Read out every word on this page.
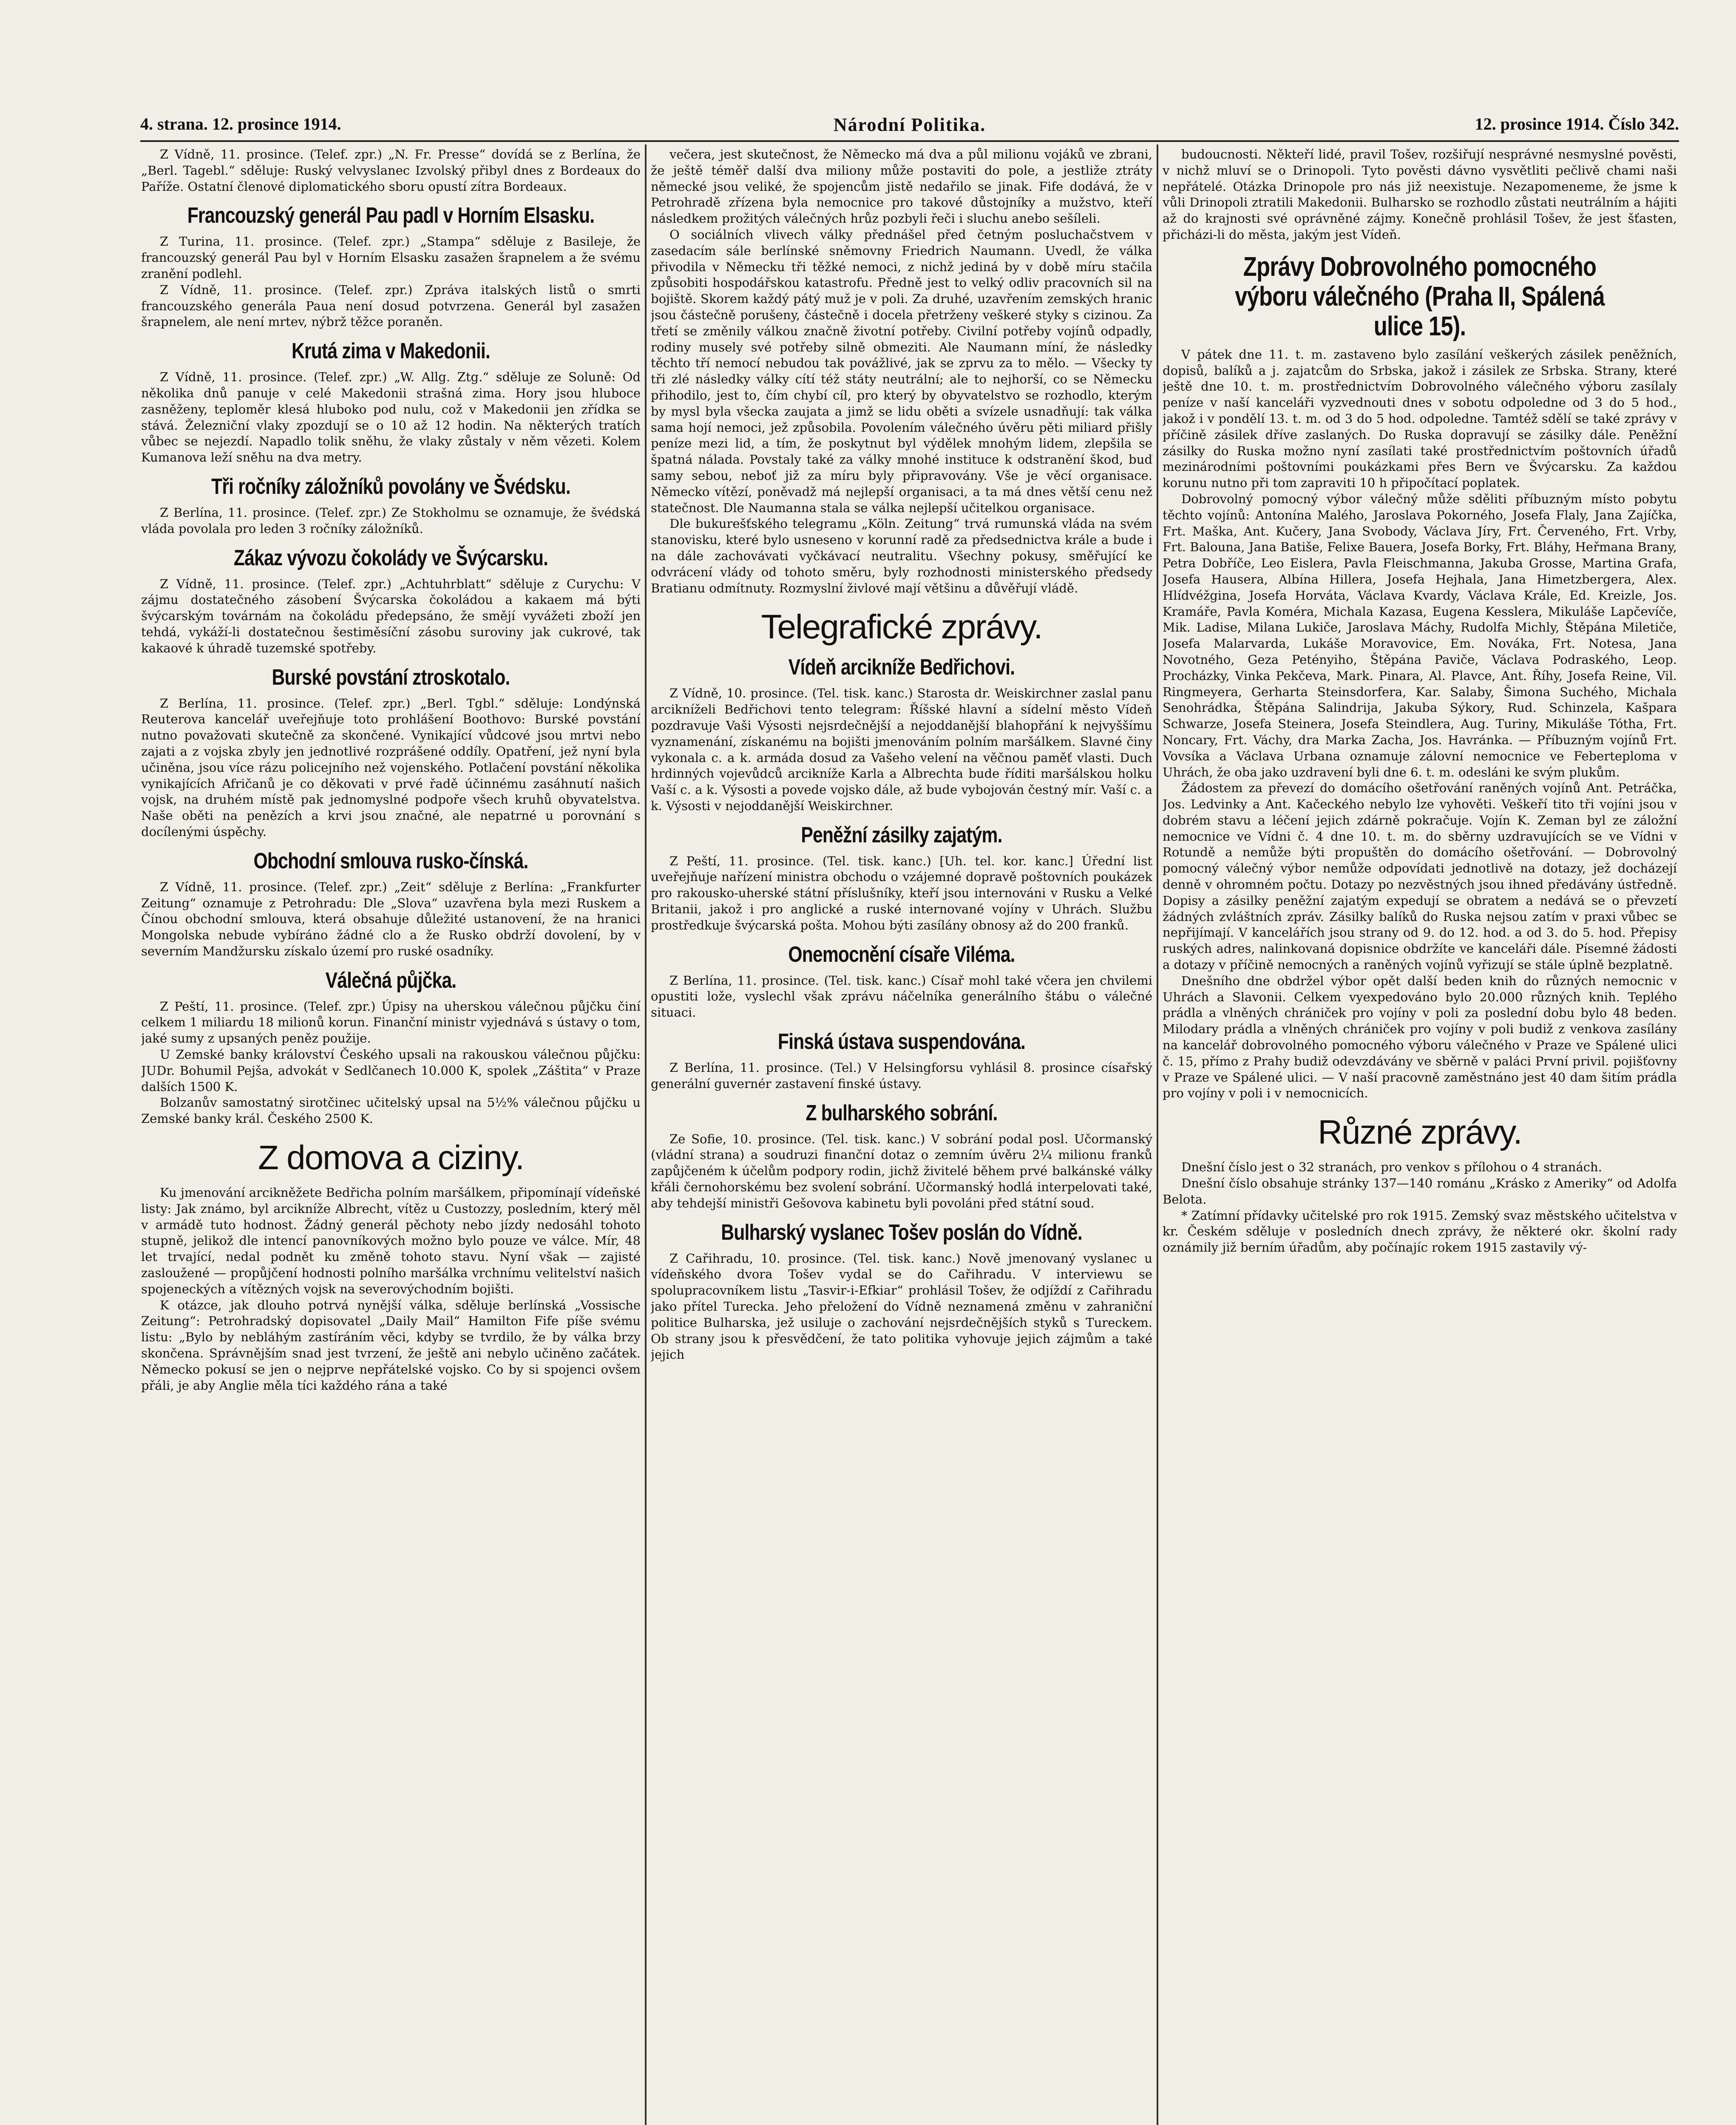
4. strana. 12. prosince 1914.	Národní Politika.	12. prosince 1914. Číslo 342.

Z Vídně, 11. prosince. (Telef. zpr.) „N. Fr. Presse“ dovídá se z Berlína, že „Berl. Tagebl.“ sděluje: Ruský velvyslanec Izvolský přibyl dnes z Bordeaux do Paříže. Ostatní členové diplomatického sboru opustí zítra Bordeaux.

Francouzský generál Pau padl v Horním Elsasku.

Z Turina, 11. prosince. (Telef. zpr.) „Stampa“ sděluje z Basileje, že francouzský generál Pau byl v Horním Elsasku zasažen šrapnelem a že svému zranění podlehl.

Z Vídně, 11. prosince. (Telef. zpr.) Zpráva italských listů o smrti francouzského generála Paua není dosud potvrzena. Generál byl zasažen šrapnelem, ale není mrtev, nýbrž těžce poraněn.

Krutá zima v Makedonii.

Z Vídně, 11. prosince. (Telef. zpr.) „W. Allg. Ztg.“ sděluje ze Soluně: Od několika dnů panuje v celé Makedonii strašná zima. Hory jsou hluboce zasněženy, teploměr klesá hluboko pod nulu, což v Makedonii jen zřídka se stává. Železniční vlaky zpozdují se o 10 až 12 hodin. Na některých tratích vůbec se nejezdí. Napadlo tolik sněhu, že vlaky zůstaly v něm vězeti. Kolem Kumanova leží sněhu na dva metry.

Tři ročníky záložníků povolány ve Švédsku.

Z Berlína, 11. prosince. (Telef. zpr.) Ze Stokholmu se oznamuje, že švédská vláda povolala pro leden 3 ročníky záložníků.

Zákaz vývozu čokolády ve Švýcarsku.

Z Vídně, 11. prosince. (Telef. zpr.) „Achtuhrblatt“ sděluje z Curychu: V zájmu dostatečného zásobení Švýcarska čokoládou a kakaem má býti švýcarským továrnám na čokoládu předepsáno, že smějí vyvážeti zboží jen tehdá, vykáží-li dostatečnou šestiměsíční zásobu suroviny jak cukrové, tak kakaové k úhradě tuzemské spotřeby.

Burské povstání ztroskotalo.

Z Berlína, 11. prosince. (Telef. zpr.) „Berl. Tgbl.“ sděluje: Londýnská Reuterova kancelář uveřejňuje toto prohlášení Boothovo: Burské povstání nutno považovati skutečně za skončené. Vynikající vůdcové jsou mrtvi nebo zajati a z vojska zbyly jen jednotlivé rozprášené oddíly. Opatření, jež nyní byla učiněna, jsou více rázu policejního než vojenského. Potlačení povstání několika vynikajících Afričanů je co děkovati v prvé řadě účinnému zasáhnutí našich vojsk, na druhém místě pak jednomyslné podpoře všech kruhů obyvatelstva. Naše oběti na penězích a krvi jsou značné, ale nepatrné u porovnání s docílenými úspěchy.

Obchodní smlouva rusko-čínská.

Z Vídně, 11. prosince. (Telef. zpr.) „Zeit“ sděluje z Berlína: „Frankfurter Zeitung“ oznamuje z Petrohradu: Dle „Slova“ uzavřena byla mezi Ruskem a Čínou obchodní smlouva, která obsahuje důležité ustanovení, že na hranici Mongolska nebude vybíráno žádné clo a že Rusko obdrží dovolení, by v severním Mandžursku získalo území pro ruské osadníky.

Válečná půjčka.

Z Peští, 11. prosince. (Telef. zpr.) Úpisy na uherskou válečnou půjčku činí celkem 1 miliardu 18 milionů korun. Finanční ministr vyjednává s ústavy o tom, jaké sumy z upsaných peněz použije.

U Zemské banky království Českého upsali na rakouskou válečnou půjčku: JUDr. Bohumil Pejša, advokát v Sedlčanech 10.000 K, spolek „Záštita“ v Praze dalších 1500 K.

Bolzanův samostatný sirotčinec učitelský upsal na 5½% válečnou půjčku u Zemské banky král. Českého 2500 K.

Z domova a ciziny.

Ku jmenování arcikněžete Bedřicha polním maršálkem, připomínají vídeňské listy: Jak známo, byl arcikníže Albrecht, vítěz u Custozzy, posledním, který měl v armádě tuto hodnost. Žádný generál pěchoty nebo jízdy nedosáhl tohoto stupně, jelikož dle intencí panovníkových možno bylo pouze ve válce. Mír, 48 let trvající, nedal podnět ku změně tohoto stavu. Nyní však — zajisté zasloužené — propůjčení hodnosti polního maršálka vrchnímu velitelství našich spojeneckých a vítězných vojsk na severovýchodním bojišti.

K otázce, jak dlouho potrvá nynější válka, sděluje berlínská „Vossische Zeitung“: Petrohradský dopisovatel „Daily Mail“ Hamilton Fife píše svému listu: „Bylo by nebláhým zastíráním věci, kdyby se tvrdilo, že by válka brzy skončena. Správnějším snad jest tvrzení, že ještě ani nebylo učiněno začátek. Německo pokusí se jen o nejprve nepřátelské vojsko. Co by si spojenci ovšem přáli, je aby Anglie měla tíci každého rána a také

večera, jest skutečnost, že Německo má dva a půl milionu vojáků ve zbrani, že ještě téměř další dva miliony může postaviti do pole, a jestliže ztráty německé jsou veliké, že spojencům jistě nedařilo se jinak. Fife dodává, že v Petrohradě zřízena byla nemocnice pro takové důstojníky a mužstvo, kteří následkem prožitých válečných hrůz pozbyli řeči i sluchu anebo sešíleli.

O sociálních vlivech války přednášel před četným posluchačstvem v zasedacím sále berlínské sněmovny Friedrich Naumann. Uvedl, že válka přivodila v Německu tři těžké nemoci, z nichž jediná by v době míru stačila způsobiti hospodářskou katastrofu. Předně jest to velký odliv pracovních sil na bojiště. Skorem každý pátý muž je v poli. Za druhé, uzavřením zemských hranic jsou částečně porušeny, částečně i docela přetrženy veškeré styky s cizinou. Za třetí se změnily válkou značně životní potřeby. Civilní potřeby vojínů odpadly, rodiny musely své potřeby silně obmeziti. Ale Naumann míní, že následky těchto tří nemocí nebudou tak povážlivé, jak se zprvu za to mělo. — Všecky ty tři zlé následky války cítí též státy neutrální; ale to nejhorší, co se Německu přihodilo, jest to, čím chybí cíl, pro který by obyvatelstvo se rozhodlo, kterým by mysl byla všecka zaujata a jimž se lidu oběti a svízele usnadňují: tak válka sama hojí nemoci, jež způsobila. Povolením válečného úvěru pěti miliard přišly peníze mezi lid, a tím, že poskytnut byl výdělek mnohým lidem, zlepšila se špatná nálada. Povstaly také za války mnohé instituce k odstranění škod, buď samy sebou, neboť již za míru byly připravovány. Vše je věcí organisace. Německo vítězí, poněvadž má nejlepší organisaci, a ta má dnes větší cenu než statečnost. Dle Naumanna stala se válka nejlepší učitelkou organisace.

Dle bukurešťského telegramu „Köln. Zeitung“ trvá rumunská vláda na svém stanovisku, které bylo usneseno v korunní radě za předsednictva krále a bude i na dále zachovávati vyčkávací neutralitu. Všechny pokusy, směřující ke odvrácení vlády od tohoto směru, byly rozhodnosti ministerského předsedy Bratianu odmítnuty. Rozmyslní živlové mají většinu a důvěřují vládě.

Telegrafické zprávy.
Vídeň arcikníže Bedřichovi.

Z Vídně, 10. prosince. (Tel. tisk. kanc.) Starosta dr. Weiskirchner zaslal panu arcikníželi Bedřichovi tento telegram: Říšské hlavní a sídelní město Vídeň pozdravuje Vaši Výsosti nejsrdečnější a nejoddanější blahopřání k nejvyššímu vyznamenání, získanému na bojišti jmenováním polním maršálkem. Slavné činy vykonala c. a k. armáda dosud za Vašeho velení na věčnou paměť vlasti. Duch hrdinných vojevůdců arcikníže Karla a Albrechta bude říditi maršálskou holku Vaší c. a k. Výsosti a povede vojsko dále, až bude vybojován čestný mír. Vaší c. a k. Výsosti v nejoddanější Weiskirchner.

Peněžní zásilky zajatým.

Z Peští, 11. prosince. (Tel. tisk. kanc.) [Uh. tel. kor. kanc.] Úřední list uveřejňuje nařízení ministra obchodu o vzájemné dopravě poštovních poukázek pro rakousko-uherské státní příslušníky, kteří jsou internováni v Rusku a Velké Britanii, jakož i pro anglické a ruské internované vojíny v Uhrách. Službu prostředkuje švýcarská pošta. Mohou býti zasílány obnosy až do 200 franků.

Onemocnění císaře Viléma.

Z Berlína, 11. prosince. (Tel. tisk. kanc.) Císař mohl také včera jen chvilemi opustiti lože, vyslechl však zprávu náčelníka generálního štábu o válečné situaci.

Finská ústava suspendována.

Z Berlína, 11. prosince. (Tel.) V Helsingforsu vyhlásil 8. prosince císařský generální guvernér zastavení finské ústavy.

Z bulharského sobrání.

Ze Sofie, 10. prosince. (Tel. tisk. kanc.) V sobrání podal posl. Učormanský (vládní strana) a soudruzi finanční dotaz o zemním úvěru 2¼ milionu franků zapůjčeném k účelům podpory rodin, jichž živitelé během prvé balkánské války křáli černohorskému bez svolení sobrání. Učormanský hodlá interpelovati také, aby tehdejší ministři Gešovova kabinetu byli povoláni před státní soud.

Bulharský vyslanec Tošev poslán do Vídně.

Z Cařihradu, 10. prosince. (Tel. tisk. kanc.) Nově jmenovaný vyslanec u vídeňského dvora Tošev vydal se do Cařihradu. V interviewu se spolupracovníkem listu „Tasvir-i-Efkiar“ prohlásil Tošev, že odjíždí z Cařihradu jako přítel Turecka. Jeho přeložení do Vídně neznamená změnu v zahraniční politice Bulharska, jež usiluje o zachování nejsrdečnějších styků s Tureckem. Ob strany jsou k přesvědčení, že tato politika vyhovuje jejich zájmům a také jejich

budoucnosti. Někteří lidé, pravil Tošev, rozšiřují nesprávné nesmyslné pověsti, v nichž mluví se o Drinopoli. Tyto pověsti dávno vysvětliti pečlivě chami naši nepřátelé. Otázka Drinopole pro nás již neexistuje. Nezapomeneme, že jsme k vůli Drinopoli ztratili Makedonii. Bulharsko se rozhodlo zůstati neutrálním a hájiti až do krajnosti své oprávněné zájmy. Konečně prohlásil Tošev, že jest šťasten, přicházi-li do města, jakým jest Vídeň.

Zprávy Dobrovolného pomocného výboru válečného (Praha II, Spálená ulice 15).

V pátek dne 11. t. m. zastaveno bylo zasílání veškerých zásilek peněžních, dopisů, balíků a j. zajatcům do Srbska, jakož i zásilek ze Srbska. Strany, které ještě dne 10. t. m. prostřednictvím Dobrovolného válečného výboru zasílaly peníze v naší kanceláři vyzvednouti dnes v sobotu odpoledne od 3 do 5 hod., jakož i v pondělí 13. t. m. od 3 do 5 hod. odpoledne. Tamtéž sdělí se také zprávy v příčině zásilek dříve zaslaných. Do Ruska dopravují se zásilky dále. Peněžní zásilky do Ruska možno nyní zasílati také prostřednictvím poštovních úřadů mezinárodními poštovními poukázkami přes Bern ve Švýcarsku. Za každou korunu nutno při tom zapraviti 10 h připočítací poplatek.

Dobrovolný pomocný výbor válečný může sděliti příbuzným místo pobytu těchto vojínů: Antonína Malého, Jaroslava Pokorného, Josefa Flaly, Jana Zajíčka, Frt. Maška, Ant. Kučery, Jana Svobody, Václava Jíry, Frt. Červeného, Frt. Vrby, Frt. Balouna, Jana Batiše, Felixe Bauera, Josefa Borky, Frt. Bláhy, Heřmana Brany, Petra Dobříče, Leo Eislera, Pavla Fleischmanna, Jakuba Grosse, Martina Grafa, Josefa Hausera, Albína Hillera, Josefa Hejhala, Jana Himetzbergera, Alex. Hlídvéžgina, Josefa Horváta, Václava Kvardy, Václava Krále, Ed. Kreizle, Jos. Kramáře, Pavla Koméra, Michala Kazasa, Eugena Kesslera, Mikuláše Lapčevíče, Mik. Ladise, Milana Lukiče, Jaroslava Máchy, Rudolfa Michly, Štěpána Miletiče, Josefa Malarvarda, Lukáše Moravovice, Em. Nováka, Frt. Notesa, Jana Novotného, Geza Petényiho, Štěpána Paviče, Václava Podraského, Leop. Procházky, Vinka Pekčeva, Mark. Pinara, Al. Plavce, Ant. Říhy, Josefa Reine, Vil. Ringmeyera, Gerharta Steinsdorfera, Kar. Salaby, Šimona Suchého, Michala Senohrádka, Štěpána Salindrija, Jakuba Sýkory, Rud. Schinzela, Kašpara Schwarze, Josefa Steinera, Josefa Steindlera, Aug. Turiny, Mikuláše Tótha, Frt. Noncary, Frt. Váchy, dra Marka Zacha, Jos. Havránka. — Příbuzným vojínů Frt. Vovsíka a Václava Urbana oznamuje zálovní nemocnice ve Feberteploma v Uhrách, že oba jako uzdravení byli dne 6. t. m. odesláni ke svým plukům.

Žádostem za převezí do domácího ošetřování raněných vojínů Ant. Petráčka, Jos. Ledvinky a Ant. Kačeckého nebylo lze vyhověti. Veškeří tito tři vojíni jsou v dobrém stavu a léčení jejich zdárně pokračuje. Vojín K. Zeman byl ze záložní nemocnice ve Vídni č. 4 dne 10. t. m. do sběrny uzdravujících se ve Vídni v Rotundě a nemůže býti propuštěn do domácího ošetřování. — Dobrovolný pomocný válečný výbor nemůže odpovídati jednotlivě na dotazy, jež docházejí denně v ohromném počtu. Dotazy po nezvěstných jsou ihned předávány ústředně. Dopisy a zásilky peněžní zajatým expedují se obratem a nedává se o převzetí žádných zvláštních zpráv. Zásilky balíků do Ruska nejsou zatím v praxi vůbec se nepřijímají. V kancelářích jsou strany od 9. do 12. hod. a od 3. do 5. hod. Přepisy ruských adres, nalinkovaná dopisnice obdržíte ve kanceláři dále. Písemné žádosti a dotazy v příčině nemocných a raněných vojínů vyřizují se stále úplně bezplatně.

Dnešního dne obdržel výbor opět další beden knih do různých nemocnic v Uhrách a Slavonii. Celkem vyexpedováno bylo 20.000 různých knih. Teplého prádla a vlněných chrániček pro vojíny v poli za poslední dobu bylo 48 beden. Milodary prádla a vlněných chrániček pro vojíny v poli budiž z venkova zasílány na kancelář dobrovolného pomocného výboru válečného v Praze ve Spálené ulici č. 15, přímo z Prahy budiž odevzdávány ve sběrně v paláci První privil. pojišťovny v Praze ve Spálené ulici. — V naší pracovně zaměstnáno jest 40 dam šitím prádla pro vojíny v poli i v nemocnicích.

Různé zprávy.

Dnešní číslo jest o 32 stranách, pro venkov s přílohou o 4 stranách.

Dnešní číslo obsahuje stránky 137—140 románu „Krásko z Ameriky“ od Adolfa Belota.

* Zatímní přídavky učitelské pro rok 1915. Zemský svaz městského učitelstva v kr. Českém sděluje v posledních dnech zprávy, že některé okr. školní rady oznámily již berním úřadům, aby počínajíc rokem 1915 zastavily vý-
